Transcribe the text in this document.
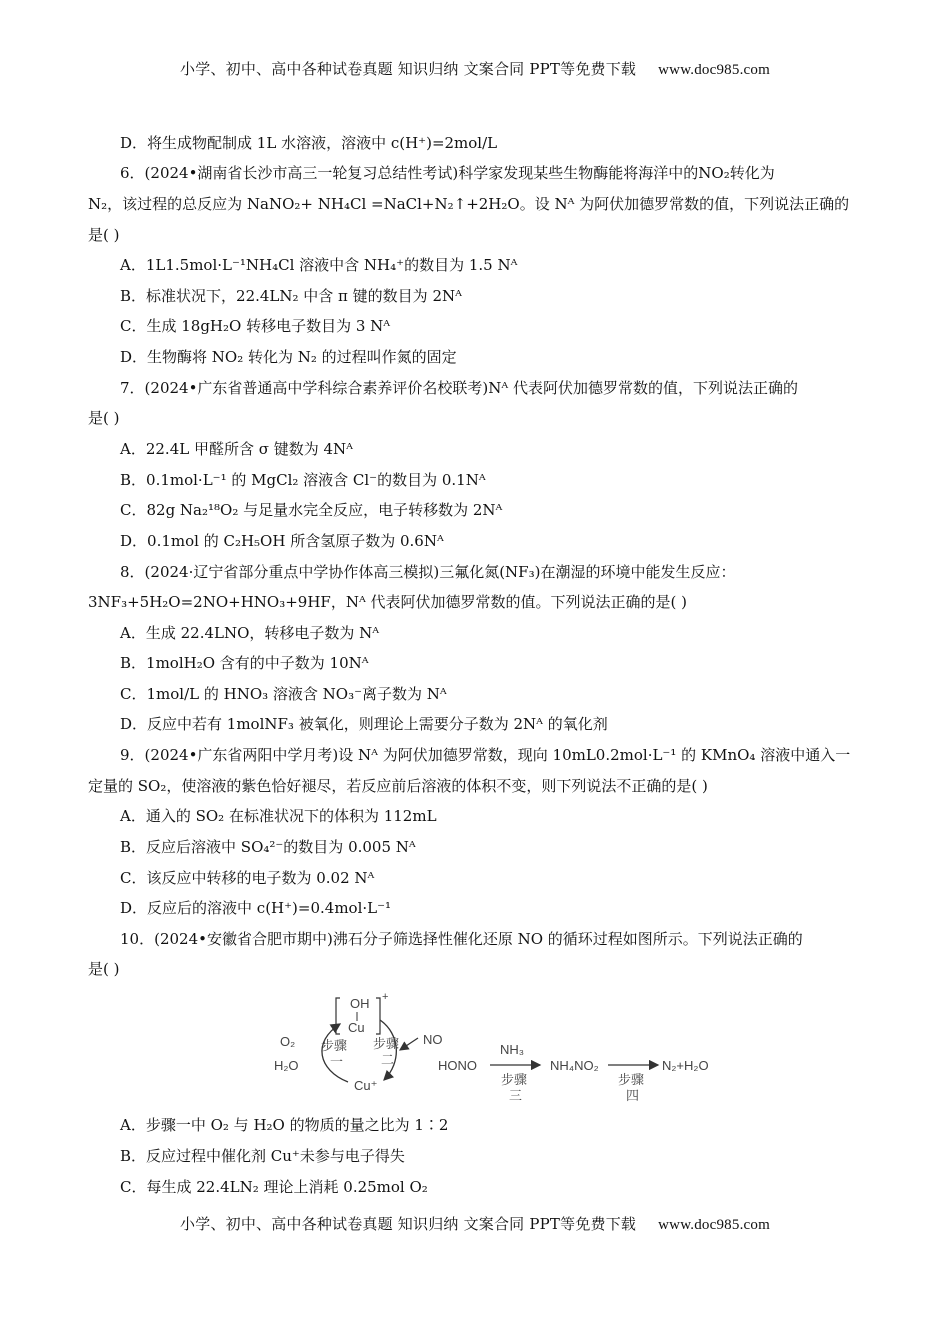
小学、初中、高中各种试卷真题 知识归纳 文案合同 PPT等免费下载 www.doc985.com
D．将生成物配制成 1L 水溶液，溶液中 c(H⁺)=2mol/L
6．(2024•湖南省长沙市高三一轮复习总结性考试)科学家发现某些生物酶能将海洋中的NO₂转化为
N₂，该过程的总反应为 NaNO₂+ NH₄Cl =NaCl+N₂↑+2H₂O。设 Nᴬ 为阿伏加德罗常数的值，下列说法正确的
是( )
A．1L1.5mol·L⁻¹NH₄Cl 溶液中含 NH₄⁺的数目为 1.5 Nᴬ
B．标准状况下，22.4LN₂ 中含 π 键的数目为 2Nᴬ
C．生成 18gH₂O 转移电子数目为 3 Nᴬ
D．生物酶将 NO₂ 转化为 N₂ 的过程叫作氮的固定
7．(2024•广东省普通高中学科综合素养评价名校联考)Nᴬ 代表阿伏加德罗常数的值，下列说法正确的
是( )
A．22.4L 甲醛所含 σ 键数为 4Nᴬ
B．0.1mol·L⁻¹ 的 MgCl₂ 溶液含 Cl⁻的数目为 0.1Nᴬ
C．82g Na₂¹⁸O₂ 与足量水完全反应，电子转移数为 2Nᴬ
D．0.1mol 的 C₂H₅OH 所含氢原子数为 0.6Nᴬ
8．(2024·辽宁省部分重点中学协作体高三模拟)三氟化氮(NF₃)在潮湿的环境中能发生反应：
3NF₃+5H₂O=2NO+HNO₃+9HF，Nᴬ 代表阿伏加德罗常数的值。下列说法正确的是( )
A．生成 22.4LNO，转移电子数为 Nᴬ
B．1molH₂O 含有的中子数为 10Nᴬ
C．1mol/L 的 HNO₃ 溶液含 NO₃⁻离子数为 Nᴬ
D．反应中若有 1molNF₃ 被氧化，则理论上需要分子数为 2Nᴬ 的氧化剂
9．(2024•广东省两阳中学月考)设 Nᴬ 为阿伏加德罗常数，现向 10mL0.2mol·L⁻¹ 的 KMnO₄ 溶液中通入一
定量的 SO₂，使溶液的紫色恰好褪尽，若反应前后溶液的体积不变，则下列说法不正确的是( )
A．通入的 SO₂ 在标准状况下的体积为 112mL
B．反应后溶液中 SO₄²⁻的数目为 0.005 Nᴬ
C．该反应中转移的电子数为 0.02 Nᴬ
D．反应后的溶液中 c(H⁺)=0.4mol·L⁻¹
10．(2024•安徽省合肥市期中)沸石分子筛选择性催化还原 NO 的循环过程如图所示。下列说法正确的
是( )
OH
Cu
+
O₂
H₂O
步骤
一
步骤
二
NO
Cu⁺
HONO
NH₃
步骤
三
NH₄NO₂
步骤
四
N₂+H₂O
A．步骤一中 O₂ 与 H₂O 的物质的量之比为 1∶2
B．反应过程中催化剂 Cu⁺未参与电子得失
C．每生成 22.4LN₂ 理论上消耗 0.25mol O₂
小学、初中、高中各种试卷真题 知识归纳 文案合同 PPT等免费下载 www.doc985.com
